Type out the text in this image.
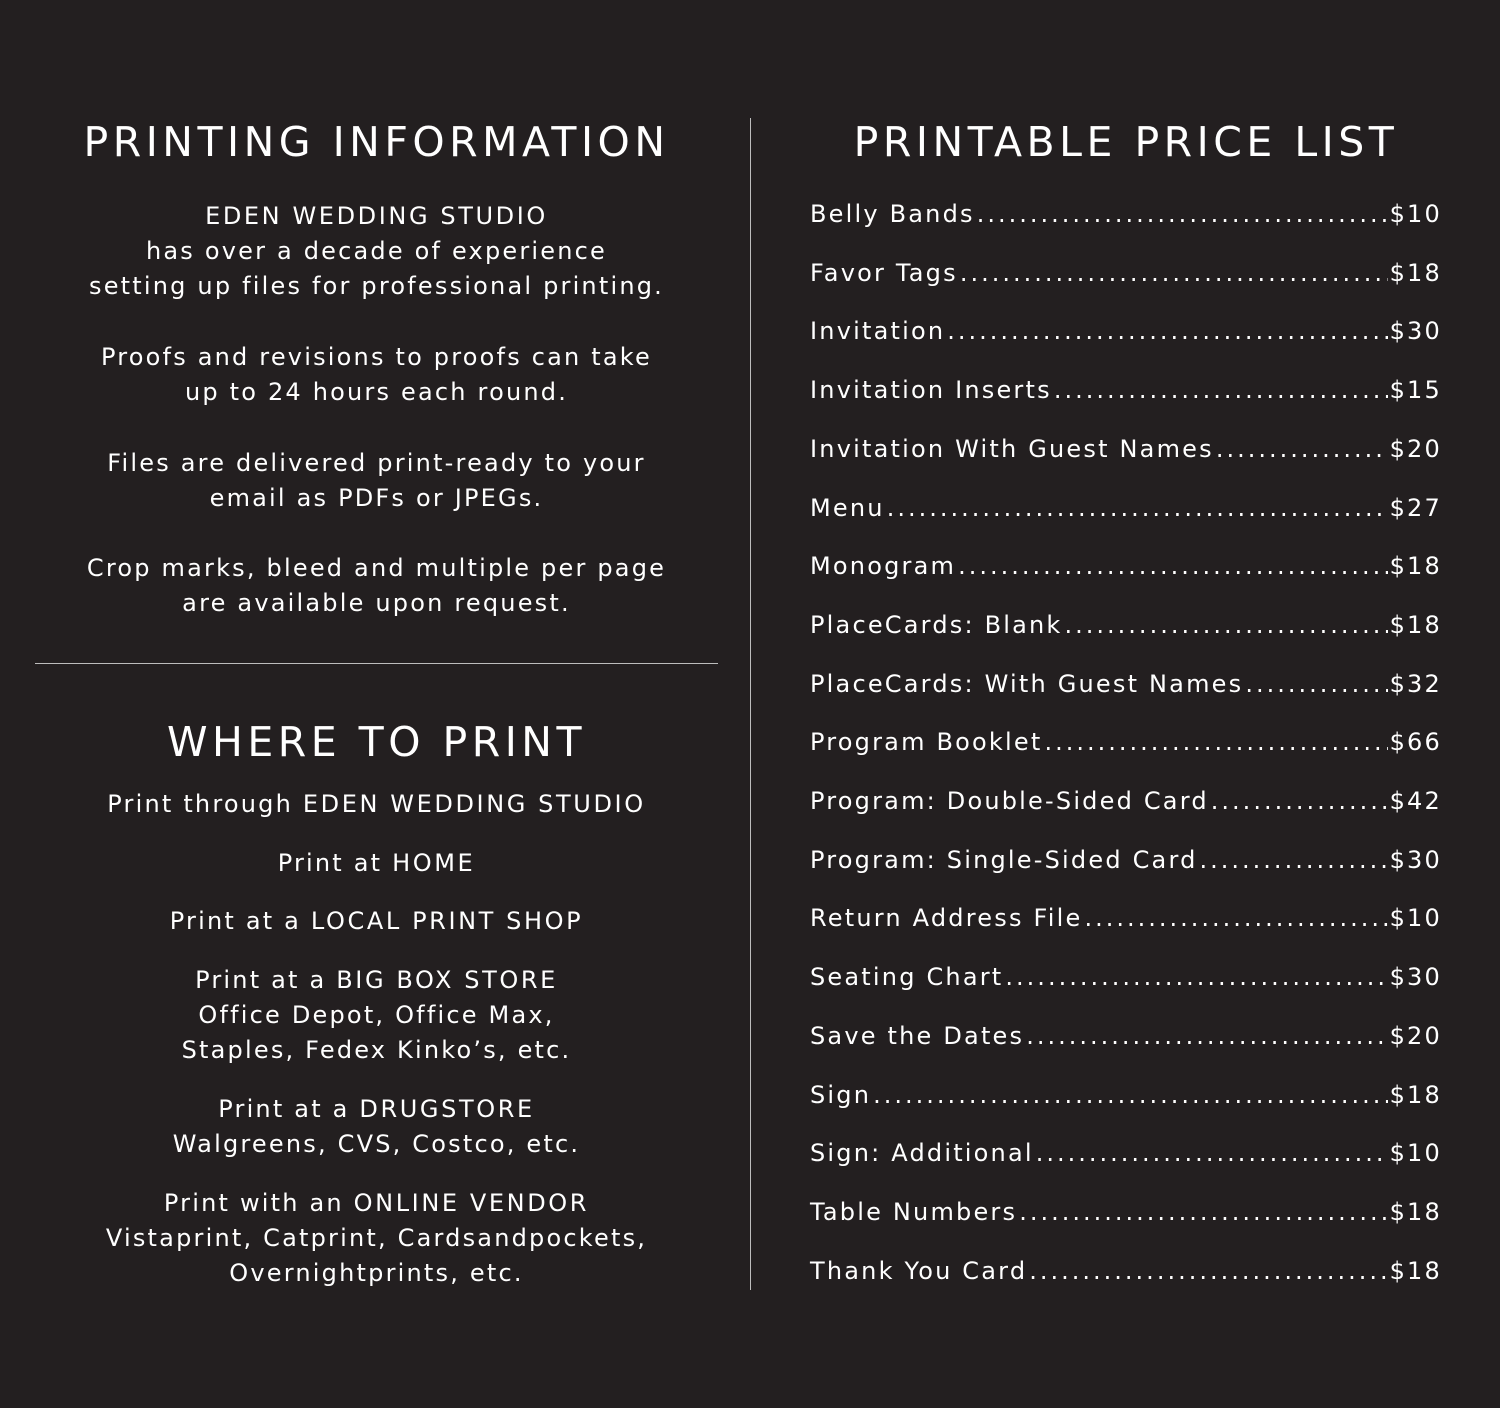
PRINTING INFORMATION

EDEN WEDDING STUDIO

has over a decade of experience

setting up files for professional printing.

Proofs and revisions to proofs can take

up to 24 hours each round.

Files are delivered print-ready to your

email as PDFs or JPEGs.

Crop marks, bleed and multiple per page

are available upon request.

WHERE TO PRINT

Print through EDEN WEDDING STUDIO

Print at HOME

Print at a LOCAL PRINT SHOP

Print at a BIG BOX STORE

Office Depot, Office Max,

Staples, Fedex Kinko’s, etc.

Print at a DRUGSTORE

Walgreens, CVS, Costco, etc.

Print with an ONLINE VENDOR

Vistaprint, Catprint, Cardsandpockets,

Overnightprints, etc.

PRINTABLE PRICE LIST
Belly Bands .....	$10
Favor Tags .....	$18
Invitation .....	$30
Invitation Inserts .....	$15
Invitation With Guest Names .....	$20
Menu .....	$27
Monogram .....	$18
PlaceCards: Blank .....	$18
PlaceCards: With Guest Names .....	$32
Program Booklet .....	$66
Program: Double-Sided Card .....	$42
Program: Single-Sided Card .....	$30
Return Address File .....	$10
Seating Chart .....	$30
Save the Dates .....	$20
Sign .....	$18
Sign: Additional .....	$10
Table Numbers .....	$18
Thank You Card .....	$18
